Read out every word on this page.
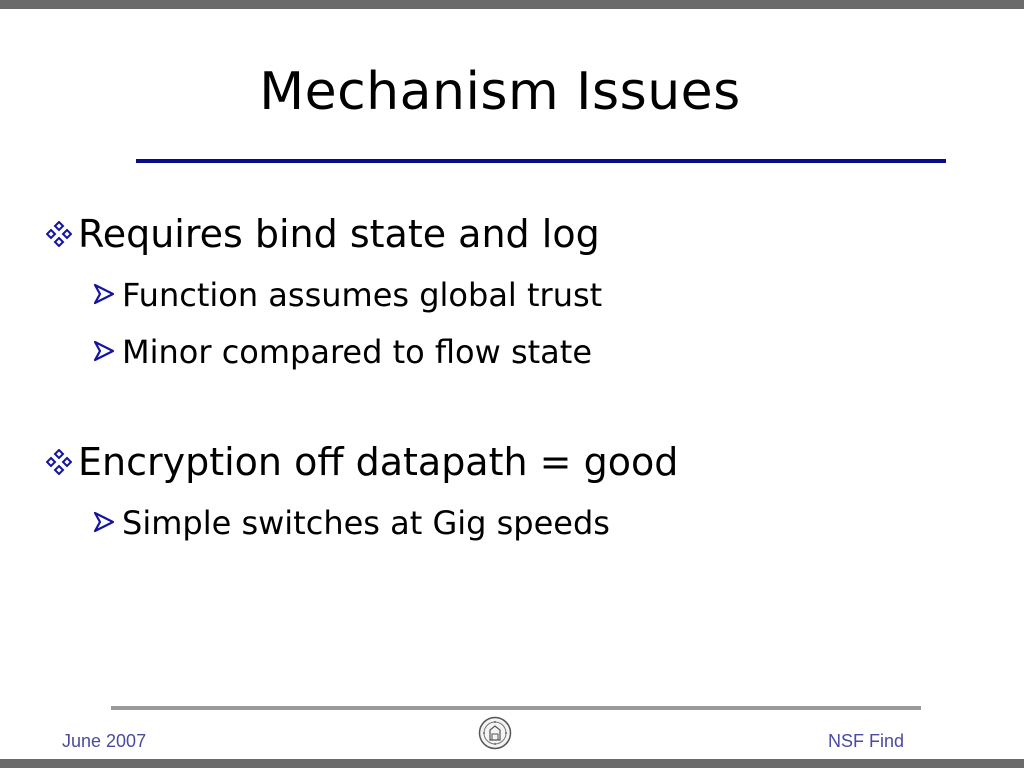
Mechanism Issues
Requires bind state and log
Function assumes global trust
Minor compared to flow state
Encryption off datapath = good
Simple switches at Gig speeds
June 2007	NSF Find
